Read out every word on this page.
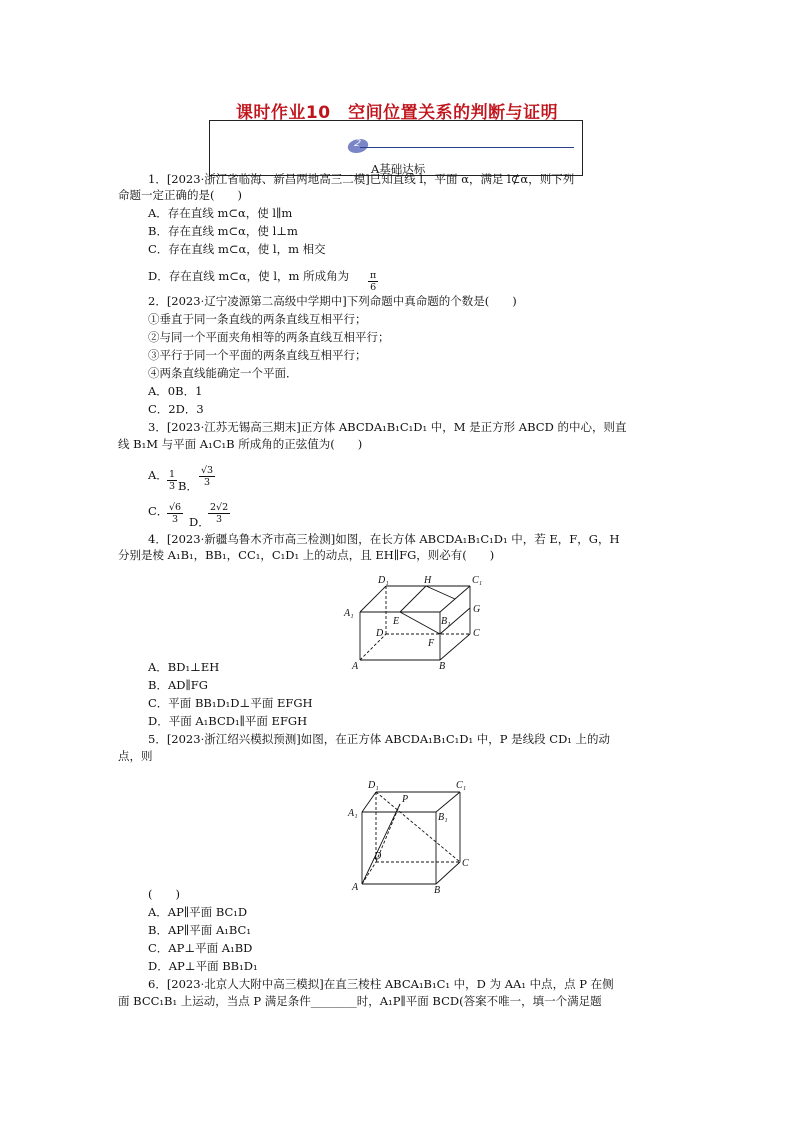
课时作业10　空间位置关系的判断与证明
2
A基础达标
1．[2023·浙江省临海、新昌两地高三二模]已知直线 l，平面 α，满足 l⊄α，则下列
命题一定正确的是(　　)
A．存在直线 m⊂α，使 l∥m
B．存在直线 m⊂α，使 l⊥m
C．存在直线 m⊂α，使 l，m 相交
D．存在直线 m⊂α，使 l，m 所成角为
2．[2023·辽宁凌源第二高级中学期中]下列命题中真命题的个数是(　　)
①垂直于同一条直线的两条直线互相平行；
②与同一个平面夹角相等的两条直线互相平行；
③平行于同一个平面的两条直线互相平行；
④两条直线能确定一个平面．
A．0B．1
C．2D．3
3．[2023·江苏无锡高三期末]正方体 ABCDA₁B₁C₁D₁ 中，M 是正方形 ABCD 的中心，则直
线 B₁M 与平面 A₁C₁B 所成角的正弦值为(　　)
A．
C．
4．[2023·新疆乌鲁木齐市高三检测]如图，在长方体 ABCDA₁B₁C₁D₁ 中，若 E，F，G，H
分别是棱 A₁B₁，BB₁，CC₁，C₁D₁ 上的动点，且 EH∥FG，则必有(　　)
A．BD₁⊥EH
B．AD∥FG
C．平面 BB₁D₁D⊥平面 EFGH
D．平面 A₁BCD₁∥平面 EFGH
5．[2023·浙江绍兴模拟预测]如图，在正方体 ABCDA₁B₁C₁D₁ 中，P 是线段 CD₁ 上的动
点，则
(　　)
A．AP∥平面 BC₁D
B．AP∥平面 A₁BC₁
C．AP⊥平面 A₁BD
D．AP⊥平面 BB₁D₁
6．[2023·北京人大附中高三模拟]在直三棱柱 ABCA₁B₁C₁ 中，D 为 AA₁ 中点，点 P 在侧
面 BCC₁B₁ 上运动，当点 P 满足条件________时，A₁P∥平面 BCD(答案不唯一，填一个满足题
$\frac{\pi}{6}$
$\frac{1}{3}$ B． $\frac{√3}{3}$
$\frac{√6}{3}$ D．
$\frac{2√2}{3}$
D₁	H	C₁
A₁	G
E	B₁
D	C
F
A	B
D₁
P
C₁
A₁	B₁
D
C
A	B
